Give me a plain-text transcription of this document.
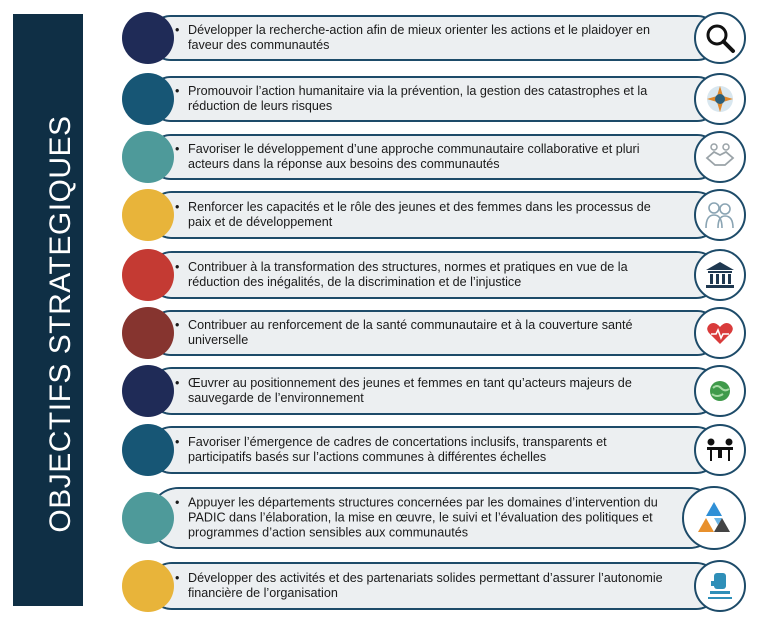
OBJECTIFS STRATEGIQUES
• Développer la recherche-action afin de mieux orienter les actions et le plaidoyer en faveur des communautés
• Promouvoir l’action humanitaire via la prévention, la gestion des catastrophes et la réduction de leurs risques
• Favoriser le développement d’une approche communautaire collaborative et pluri acteurs dans la réponse aux besoins des communautés
• Renforcer les capacités et le rôle des jeunes et des femmes dans les processus de paix et de développement
• Contribuer à la transformation des structures, normes et pratiques en vue de la réduction des inégalités, de la discrimination et de l’injustice
• Contribuer au renforcement de la santé communautaire et à la couverture santé universelle
• Œuvrer au positionnement des jeunes et femmes en tant qu’acteurs majeurs de sauvegarde de l’environnement
• Favoriser l’émergence de cadres de concertations inclusifs, transparents et participatifs basés sur l’actions communes à différentes échelles
• Appuyer les départements structures concernées par les domaines d’intervention du PADIC dans l’élaboration, la mise en œuvre, le suivi et l’évaluation des politiques et programmes d’action sensibles aux communautés
• Développer des activités et des partenariats solides permettant d’assurer l’autonomie financière de l’organisation
